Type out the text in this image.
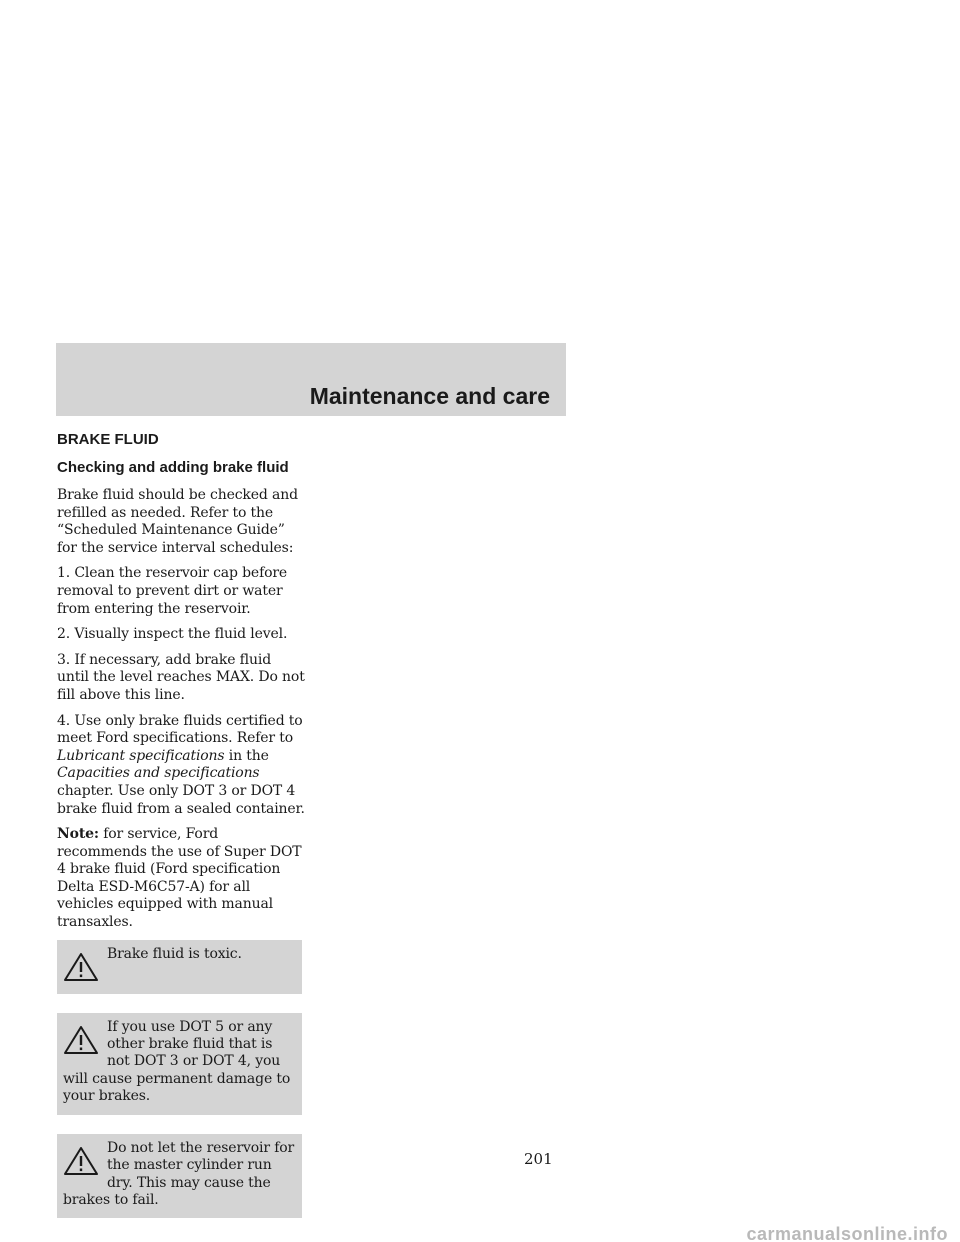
Maintenance and care
BRAKE FLUID
Checking and adding brake fluid

Brake fluid should be checked and refilled as needed. Refer to the “Scheduled Maintenance Guide” for the service interval schedules:

1. Clean the reservoir cap before removal to prevent dirt or water from entering the reservoir.

2. Visually inspect the fluid level.

3. If necessary, add brake fluid until the level reaches MAX. Do not fill above this line.

4. Use only brake fluids certified to meet Ford specifications. Refer to Lubricant specifications in the Capacities and specifications chapter. Use only DOT 3 or DOT 4 brake fluid from a sealed container.

Note: for service, Ford recommends the use of Super DOT 4 brake fluid (Ford specification Delta ESD-M6C57-A) for all vehicles equipped with manual transaxles.

Brake fluid is toxic.
If you use DOT 5 or any other brake fluid that is not DOT 3 or DOT 4, you will cause permanent damage to your brakes.
Do not let the reservoir for the master cylinder run dry. This may cause the brakes to fail.
201
carmanualsonline.info
